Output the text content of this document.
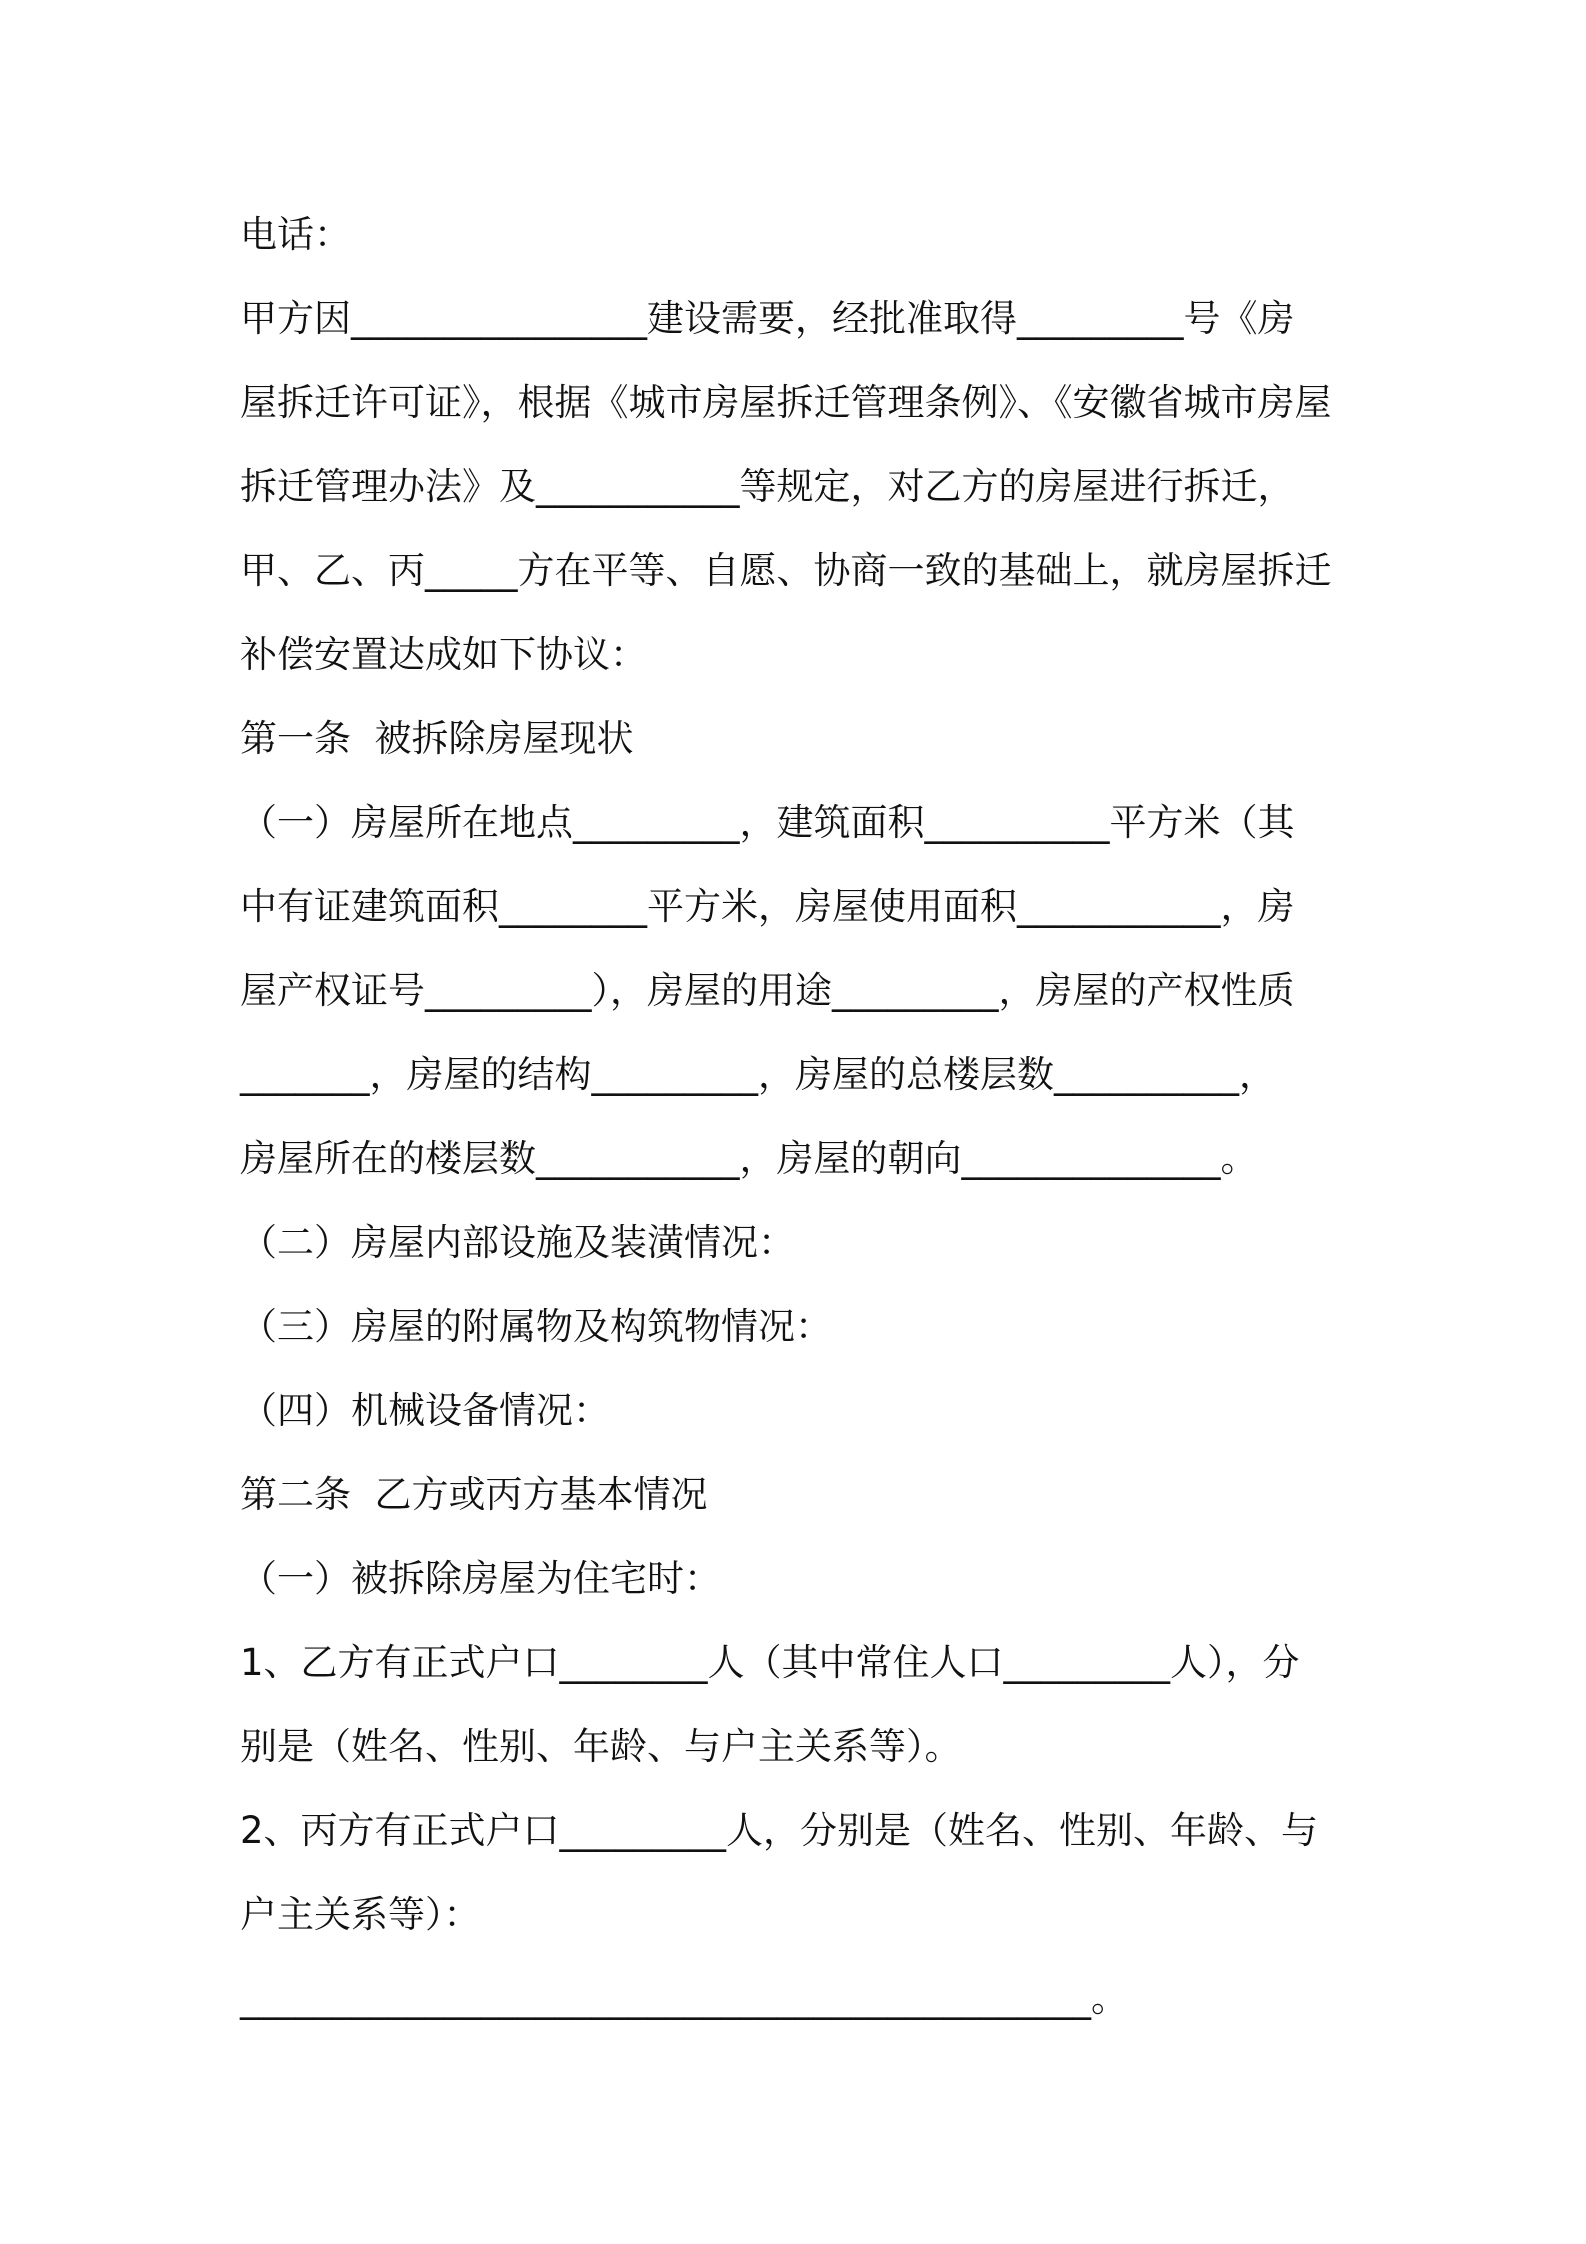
电话：
甲方因________________建设需要，经批准取得_________号《房
屋拆迁许可证》，根据《城市房屋拆迁管理条例》、《安徽省城市房屋
拆迁管理办法》及___________等规定，对乙方的房屋进行拆迁，
甲、乙、丙_____方在平等、自愿、协商一致的基础上，就房屋拆迁
补偿安置达成如下协议：
第一条  被拆除房屋现状
（一）房屋所在地点_________，建筑面积__________平方米（其
中有证建筑面积________平方米，房屋使用面积___________，房
屋产权证号_________），房屋的用途_________，房屋的产权性质
_______，房屋的结构_________，房屋的总楼层数__________，
房屋所在的楼层数___________，房屋的朝向______________。
（二）房屋内部设施及装潢情况：
（三）房屋的附属物及构筑物情况：
（四）机械设备情况：
第二条  乙方或丙方基本情况
（一）被拆除房屋为住宅时：
1、乙方有正式户口________人（其中常住人口_________人），分
别是（姓名、性别、年龄、与户主关系等）。
2、丙方有正式户口_________人，分别是（姓名、性别、年龄、与
户主关系等）：
______________________________________________。
